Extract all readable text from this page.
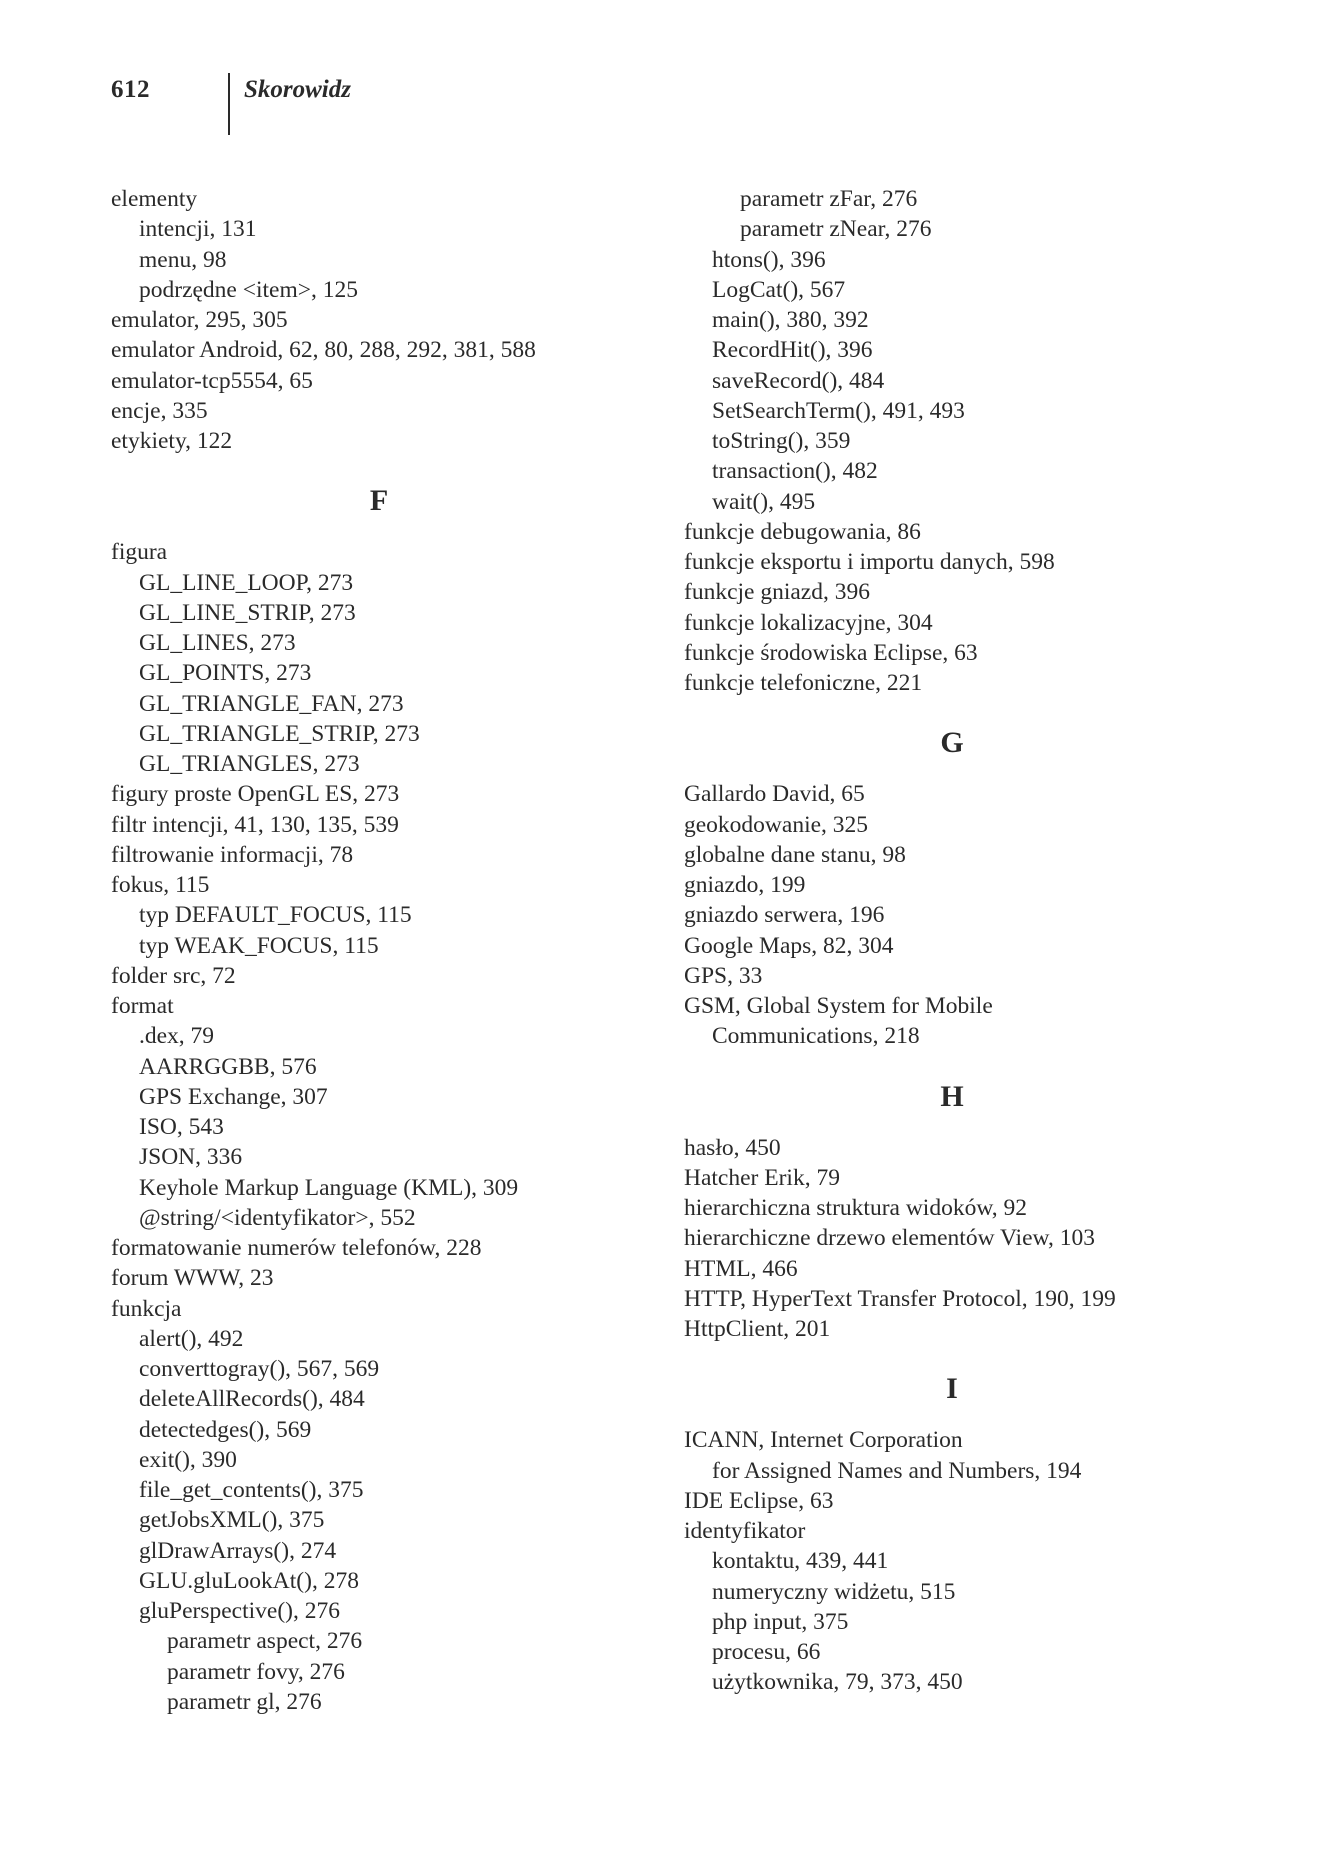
612	Skorowidz
elementy
intencji, 131
menu, 98
podrzędne <item>, 125
emulator, 295, 305
emulator Android, 62, 80, 288, 292, 381, 588
emulator-tcp5554, 65
encje, 335
etykiety, 122
F
figura
GL_LINE_LOOP, 273
GL_LINE_STRIP, 273
GL_LINES, 273
GL_POINTS, 273
GL_TRIANGLE_FAN, 273
GL_TRIANGLE_STRIP, 273
GL_TRIANGLES, 273
figury proste OpenGL ES, 273
filtr intencji, 41, 130, 135, 539
filtrowanie informacji, 78
fokus, 115
typ DEFAULT_FOCUS, 115
typ WEAK_FOCUS, 115
folder src, 72
format
.dex, 79
AARRGGBB, 576
GPS Exchange, 307
ISO, 543
JSON, 336
Keyhole Markup Language (KML), 309
@string/<identyfikator>, 552
formatowanie numerów telefonów, 228
forum WWW, 23
funkcja
alert(), 492
converttogray(), 567, 569
deleteAllRecords(), 484
detectedges(), 569
exit(), 390
file_get_contents(), 375
getJobsXML(), 375
glDrawArrays(), 274
GLU.gluLookAt(), 278
gluPerspective(), 276
parametr aspect, 276
parametr fovy, 276
parametr gl, 276
parametr zFar, 276
parametr zNear, 276
htons(), 396
LogCat(), 567
main(), 380, 392
RecordHit(), 396
saveRecord(), 484
SetSearchTerm(), 491, 493
toString(), 359
transaction(), 482
wait(), 495
funkcje debugowania, 86
funkcje eksportu i importu danych, 598
funkcje gniazd, 396
funkcje lokalizacyjne, 304
funkcje środowiska Eclipse, 63
funkcje telefoniczne, 221
G
Gallardo David, 65
geokodowanie, 325
globalne dane stanu, 98
gniazdo, 199
gniazdo serwera, 196
Google Maps, 82, 304
GPS, 33
GSM, Global System for Mobile
Communications, 218
H
hasło, 450
Hatcher Erik, 79
hierarchiczna struktura widoków, 92
hierarchiczne drzewo elementów View, 103
HTML, 466
HTTP, HyperText Transfer Protocol, 190, 199
HttpClient, 201
I
ICANN, Internet Corporation
for Assigned Names and Numbers, 194
IDE Eclipse, 63
identyfikator
kontaktu, 439, 441
numeryczny widżetu, 515
php input, 375
procesu, 66
użytkownika, 79, 373, 450
